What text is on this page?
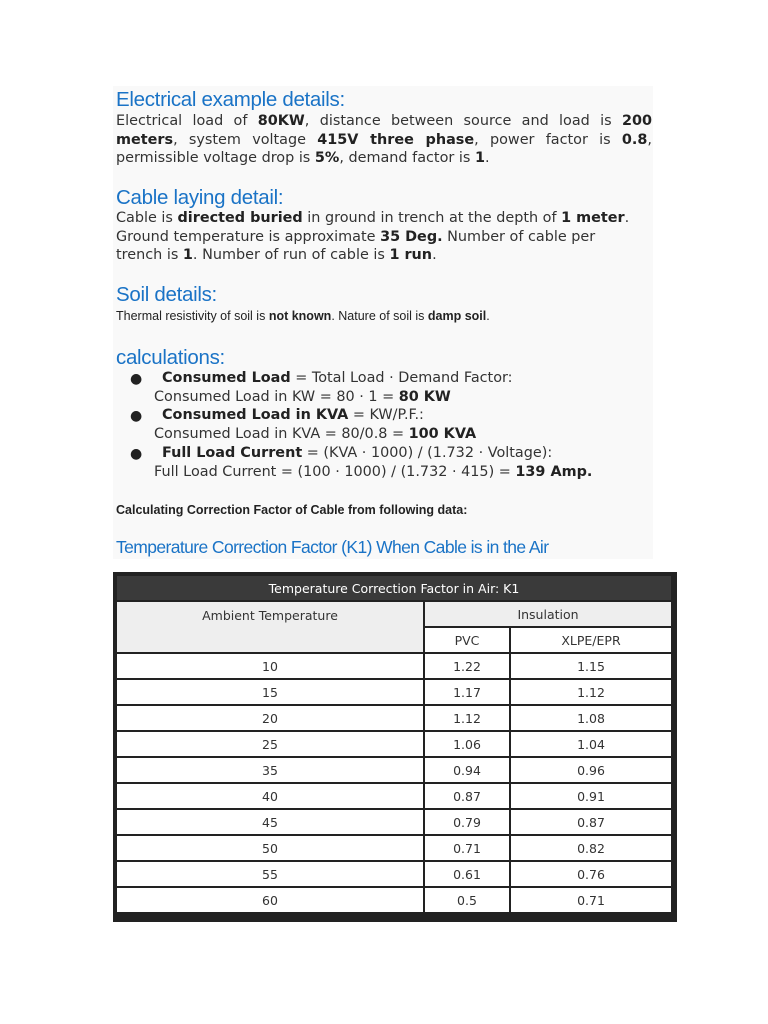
Electrical example details:

Electrical load of 80KW, distance between source and load is 200 meters, system voltage 415V three phase, power factor is 0.8, permissible voltage drop is 5%, demand factor is 1.

Cable laying detail:

Cable is directed buried in ground in trench at the depth of 1 meter. Ground temperature is approximate 35 Deg. Number of cable per trench is 1. Number of run of cable is 1 run.

Soil details:

Thermal resistivity of soil is not known. Nature of soil is damp soil.

calculations:
● Consumed Load = Total Load · Demand Factor:
Consumed Load in KW = 80 · 1 = 80 KW
● Consumed Load in KVA = KW/P.F.:
Consumed Load in KVA = 80/0.8 = 100 KVA
● Full Load Current = (KVA · 1000) / (1.732 · Voltage):
Full Load Current = (100 · 1000) / (1.732 · 415) = 139 Amp.

Calculating Correction Factor of Cable from following data:

Temperature Correction Factor (K1) When Cable is in the Air
Temperature Correction Factor in Air: K1		
Ambient Temperature	Insulation	
	PVC	XLPE/EPR
10	1.22	1.15
15	1.17	1.12
20	1.12	1.08
25	1.06	1.04
35	0.94	0.96
40	0.87	0.91
45	0.79	0.87
50	0.71	0.82
55	0.61	0.76
60	0.5	0.71
